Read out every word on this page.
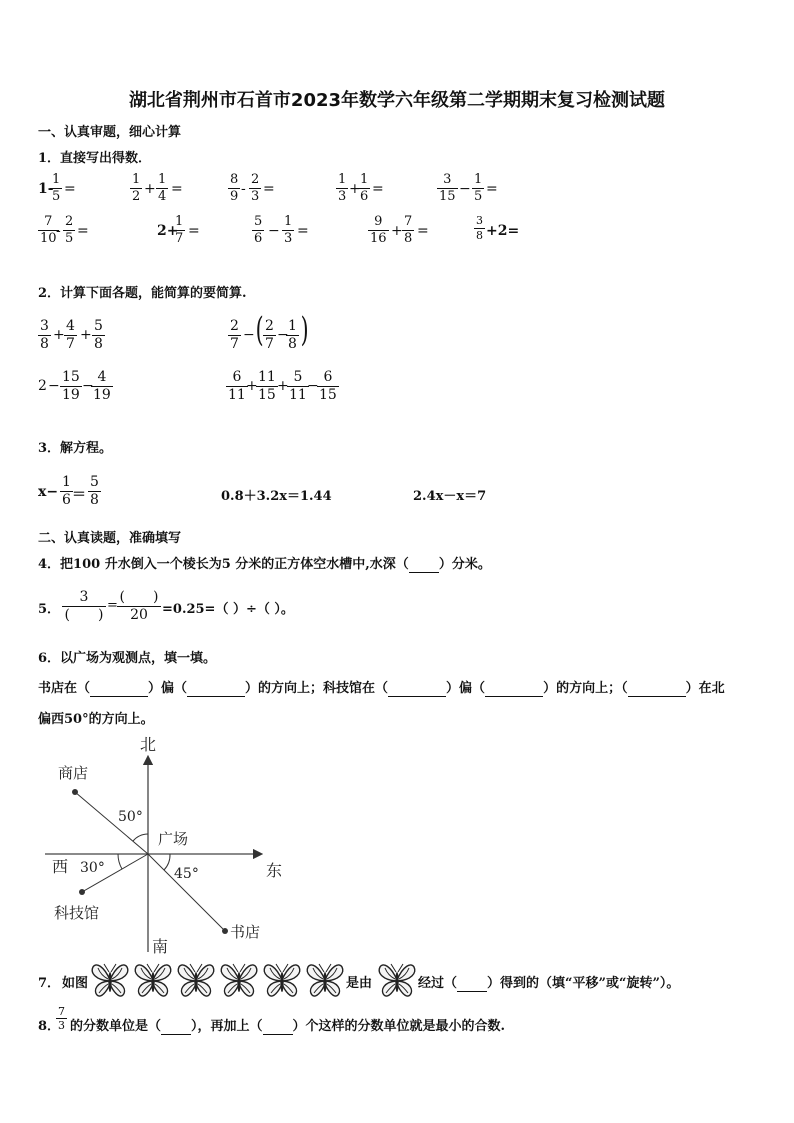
湖北省荆州市石首市2023年数学六年级第二学期期末复习检测试题
一、认真审题，细心计算
1．直接写出得数．
1-
$\frac{1}{5}$ =	$\frac{1}{2} + \frac{1}{4}$ =	$\frac{8}{9} - \frac{2}{3}$ =	$\frac{1}{3}$ +
$\frac{1}{6}$ =	$\frac{3}{15} - \frac{1}{5}$ =
$\frac{7}{10}$
- $\frac{2}{5}$ =	2+
$\frac{1}{7}$ =	$\frac{5}{6} - \frac{1}{3}$ =	$\frac{9}{16} + \frac{7}{8}$ =	$\frac{3}{8} +2=$
2．计算下面各题，能简算的要简算.
$\frac{3}{8} + \frac{4}{7} + \frac{5}{8}$	$\frac{2}{7}$ − ( $\frac{2}{7}$ −
$\frac{1}{8}$ )
$2 - \frac{15}{19}$ −
$\frac{4}{19}$	$\frac{6}{11}$
+
$\frac{11}{15}$ +
$\frac{5}{11}$
−
$\frac{6}{15}$
3．解方程。
$x- \frac{1}{6} = \frac{5}{8}$	0.8＋3.2x＝1.44	2.4x－x＝7
二、认真读题，准确填写
4．把100 升水倒入一个棱长为5 分米的正方体空水槽中,水深（ ）分米。
5．
3
(　　)
=
(　　)
20	=0.25=（ ）÷（ ）。
6．以广场为观测点，填一填。
书店在（	）偏（	）的方向上；科技馆在（	）偏（	）的方向上；（	）在北
偏西50°的方向上。
北
南
东
西
广场
商店
科技馆
书店
50°
30°	45°
7． 如图	是由	经过（ ）得到的（填“平移”或“旋转”）。
8．
$\frac{7}{3}$ 的分数单位是（ ），再加上（ ）个这样的分数单位就是最小的合数.
